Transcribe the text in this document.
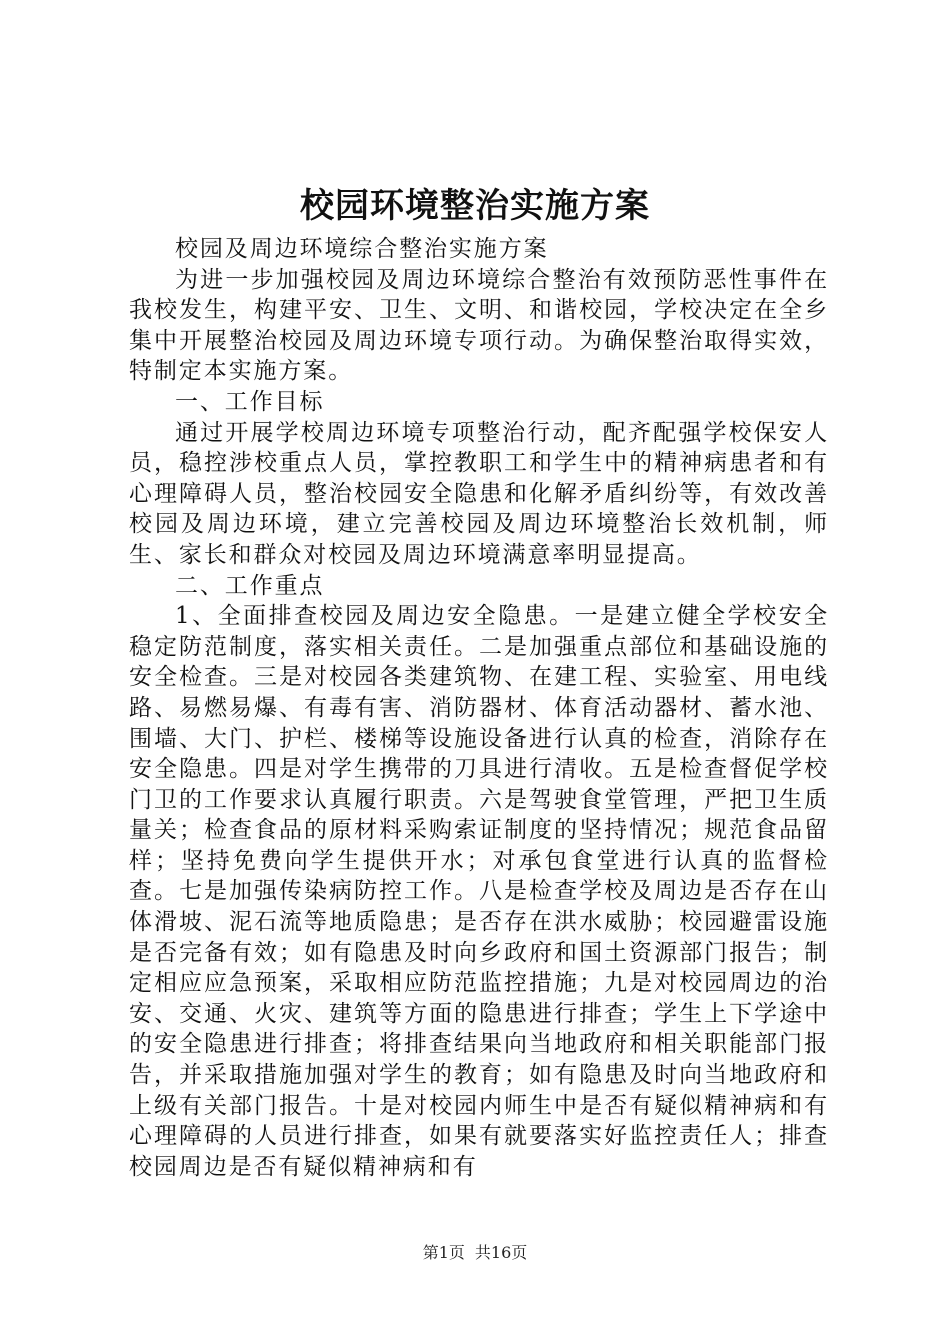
校园环境整治实施方案

校园及周边环境综合整治实施方案

为进一步加强校园及周边环境综合整治有效预防恶性事件在我校发生，构建平安、卫生、文明、和谐校园，学校决定在全乡集中开展整治校园及周边环境专项行动。为确保整治取得实效，特制定本实施方案。

一、工作目标

通过开展学校周边环境专项整治行动，配齐配强学校保安人员，稳控涉校重点人员，掌控教职工和学生中的精神病患者和有心理障碍人员，整治校园安全隐患和化解矛盾纠纷等，有效改善校园及周边环境，建立完善校园及周边环境整治长效机制，师生、家长和群众对校园及周边环境满意率明显提高。

二、工作重点

1、全面排查校园及周边安全隐患。一是建立健全学校安全稳定防范制度，落实相关责任。二是加强重点部位和基础设施的安全检查。三是对校园各类建筑物、在建工程、实验室、用电线路、易燃易爆、有毒有害、消防器材、体育活动器材、蓄水池、围墙、大门、护栏、楼梯等设施设备进行认真的检查，消除存在安全隐患。四是对学生携带的刀具进行清收。五是检查督促学校门卫的工作要求认真履行职责。六是驾驶食堂管理，严把卫生质量关；检查食品的原材料采购索证制度的坚持情况；规范食品留样；坚持免费向学生提供开水；对承包食堂进行认真的监督检查。七是加强传染病防控工作。八是检查学校及周边是否存在山体滑坡、泥石流等地质隐患；是否存在洪水威胁；校园避雷设施是否完备有效；如有隐患及时向乡政府和国土资源部门报告；制定相应应急预案，采取相应防范监控措施；九是对校园周边的治安、交通、火灾、建筑等方面的隐患进行排查；学生上下学途中的安全隐患进行排查；将排查结果向当地政府和相关职能部门报告，并采取措施加强对学生的教育；如有隐患及时向当地政府和上级有关部门报告。十是对校园内师生中是否有疑似精神病和有心理障碍的人员进行排查，如果有就要落实好监控责任人；排查校园周边是否有疑似精神病和有

第1页 共16页
